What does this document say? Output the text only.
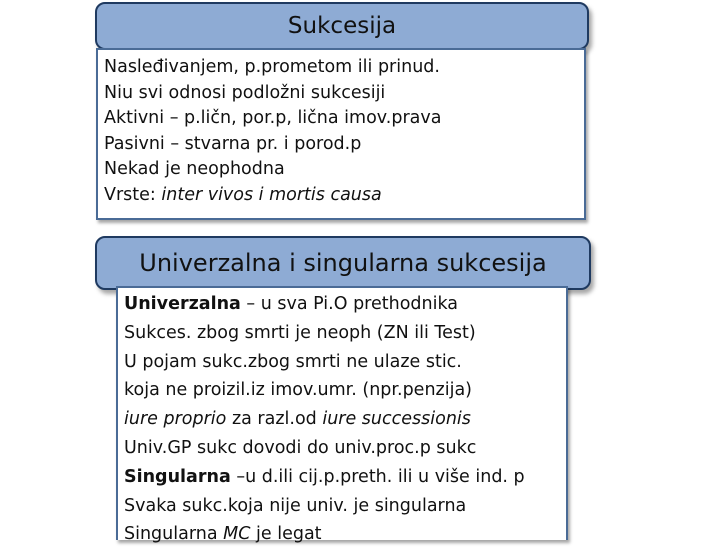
Sukcesija
Nasleđivanjem, p.prometom ili prinud.
Niu svi odnosi podložni sukcesiji
Aktivni – p.ličn, por.p, lična imov.prava
Pasivni – stvarna pr. i porod.p
Nekad je neophodna
Vrste: inter vivos i mortis causa
Univerzalna i singularna sukcesija
Univerzalna – u sva Pi.O prethodnika
Sukces. zbog smrti je neoph (ZN ili Test)
U pojam sukc.zbog smrti ne ulaze stic.
koja ne proizil.iz imov.umr. (npr.penzija)
iure proprio za razl.od iure successionis
Univ.GP sukc dovodi do univ.proc.p sukc
Singularna –u d.ili cij.p.preth. ili u više ind. p
Svaka sukc.koja nije univ. je singularna
Singularna MC je legat
